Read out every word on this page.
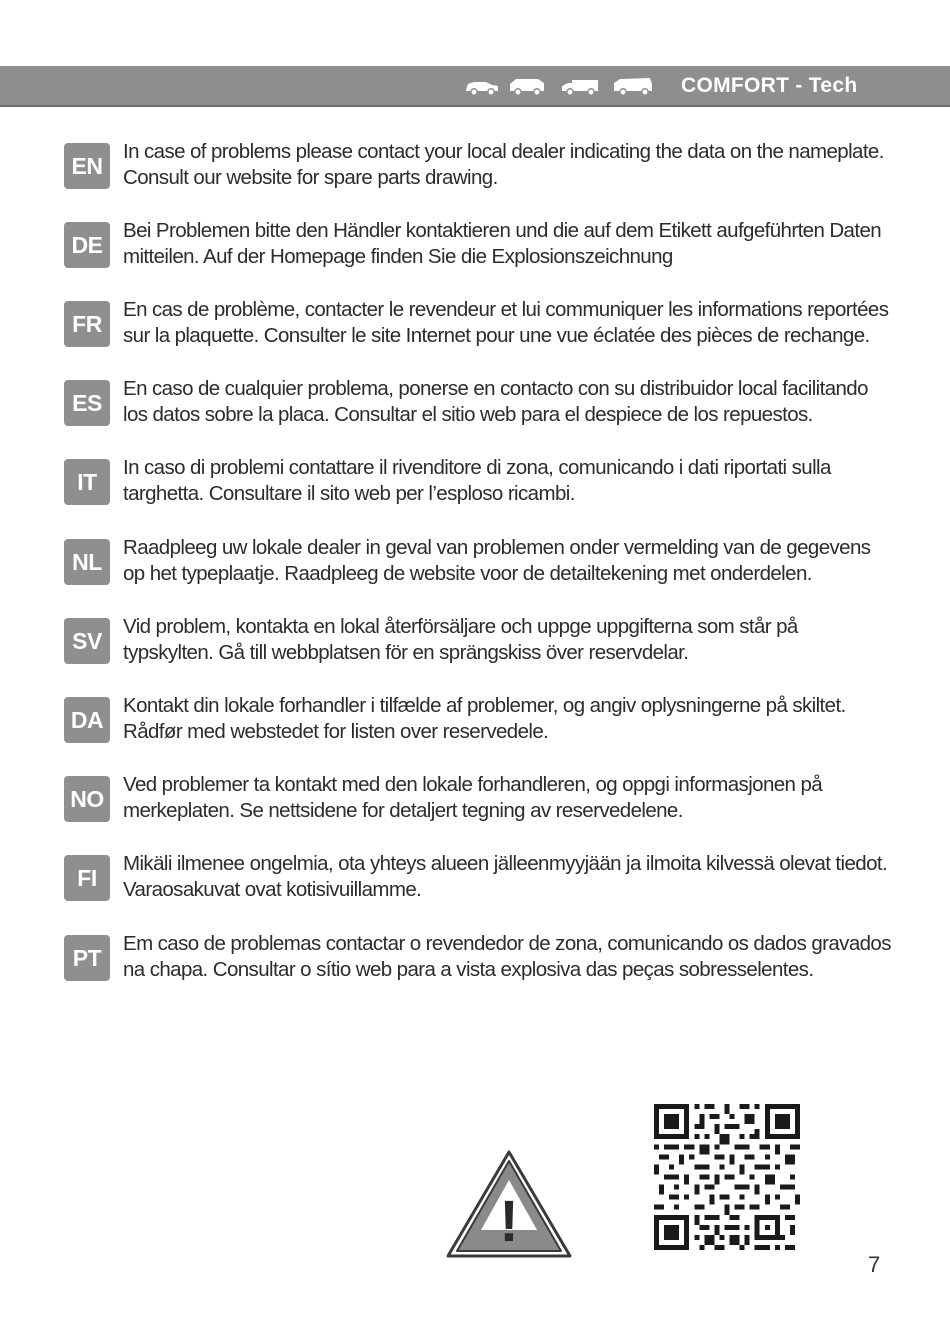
COMFORT - Tech
EN
In case of problems please contact your local dealer indicating the data on the nameplate. Consult our website for spare parts drawing.
DE
Bei Problemen bitte den Händler kontaktieren und die auf dem Etikett aufgeführten Daten mitteilen. Auf der Homepage finden Sie die Explosionszeichnung
FR
En cas de problème, contacter le revendeur et lui communiquer les informations reportées sur la plaquette. Consulter le site Internet pour une vue éclatée des pièces de rechange.
ES
En caso de cualquier problema, ponerse en contacto con su distribuidor local facilitando los datos sobre la placa. Consultar el sitio web para el despiece de los repuestos.
IT
In caso di problemi contattare il rivenditore di zona, comunicando i dati riportati sulla targhetta. Consultare il sito web per l’esploso ricambi.
NL
Raadpleeg uw lokale dealer in geval van problemen onder vermelding van de gegevens op het typeplaatje. Raadpleeg de website voor de detailtekening met onderdelen.
SV
Vid problem, kontakta en lokal återförsäljare och uppge uppgifterna som står på typskylten. Gå till webbplatsen för en sprängskiss över reservdelar.
DA
Kontakt din lokale forhandler i tilfælde af problemer, og angiv oplysningerne på skiltet. Rådfør med webstedet for listen over reservedele.
NO
Ved problemer ta kontakt med den lokale forhandleren, og oppgi informasjonen på merkeplaten. Se nettsidene for detaljert tegning av reservedelene.
FI
Mikäli ilmenee ongelmia, ota yhteys alueen jälleenmyyjään ja ilmoita kilvessä olevat tiedot. Varaosakuvat ovat kotisivuillamme.
PT
Em caso de problemas contactar o revendedor de zona, comunicando os dados gravados na chapa. Consultar o sítio web para a vista explosiva das peças sobresselentes.
!
7
